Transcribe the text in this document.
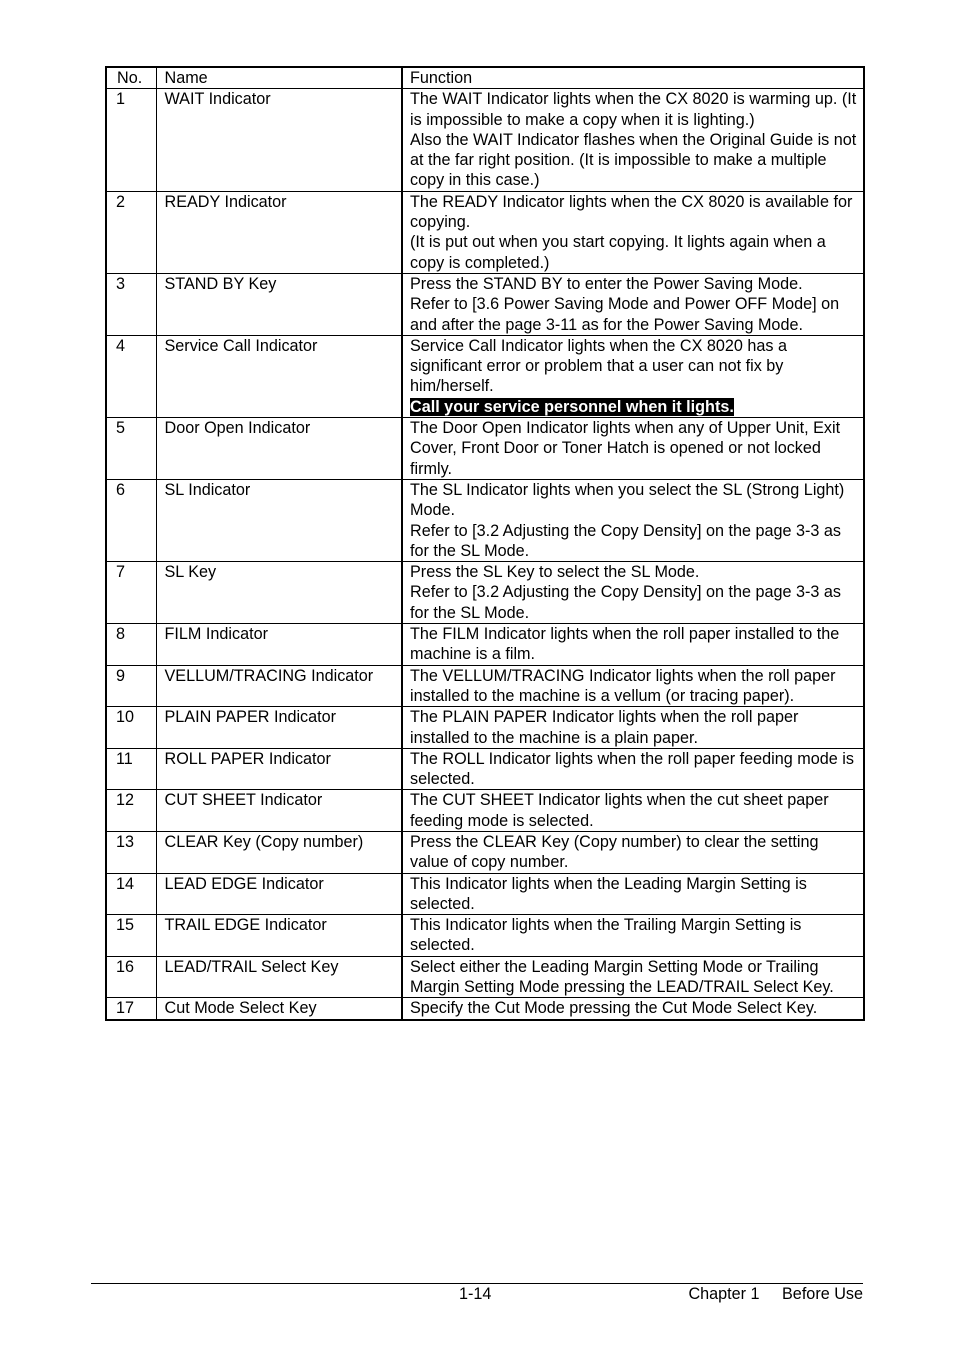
No.	Name	Function
1	WAIT Indicator	The WAIT Indicator lights when the CX 8020 is warming up. (It is impossible to make a copy when it is lighting.)
Also the WAIT Indicator flashes when the Original Guide is not at the far right position. (It is impossible to make a multiple copy in this case.)

2	READY Indicator	The READY Indicator lights when the CX 8020 is available for copying.
(It is put out when you start copying. It lights again when a copy is completed.)

3	STAND BY Key	Press the STAND BY to enter the Power Saving Mode.
Refer to [3.6 Power Saving Mode and Power OFF Mode] on and after the page 3-11 as for the Power Saving Mode.

4	Service Call Indicator	Service Call Indicator lights when the CX 8020 has a significant error or problem that a user can not fix by him/herself.
Call your service personnel when it lights.
5	Door Open Indicator	The Door Open Indicator lights when any of Upper Unit, Exit Cover, Front Door or Toner Hatch is opened or not locked firmly.

6	SL Indicator	The SL Indicator lights when you select the SL (Strong Light) Mode.
Refer to [3.2 Adjusting the Copy Density] on the page 3-3 as for the SL Mode.

7	SL Key	Press the SL Key to select the SL Mode.
Refer to [3.2 Adjusting the Copy Density] on the page 3-3 as for the SL Mode.

8	FILM Indicator	The FILM Indicator lights when the roll paper installed to the machine is a film.

9	VELLUM/TRACING Indicator	The VELLUM/TRACING Indicator lights when the roll paper installed to the machine is a vellum (or tracing paper).

10	PLAIN PAPER Indicator	The PLAIN PAPER Indicator lights when the roll paper installed to the machine is a plain paper.

11	ROLL PAPER Indicator	The ROLL Indicator lights when the roll paper feeding mode is selected.

12	CUT SHEET Indicator	The CUT SHEET Indicator lights when the cut sheet paper feeding mode is selected.

13	CLEAR Key (Copy number)	Press the CLEAR Key (Copy number) to clear the setting value of copy number.

14	LEAD EDGE Indicator	This Indicator lights when the Leading Margin Setting is selected.

15	TRAIL EDGE Indicator	This Indicator lights when the Trailing Margin Setting is selected.

16	LEAD/TRAIL Select Key	Select either the Leading Margin Setting Mode or Trailing Margin Setting Mode pressing the LEAD/TRAIL Select Key.

17	Cut Mode Select Key	Specify the Cut Mode pressing the Cut Mode Select Key.
1-14	Chapter 1     Before Use
